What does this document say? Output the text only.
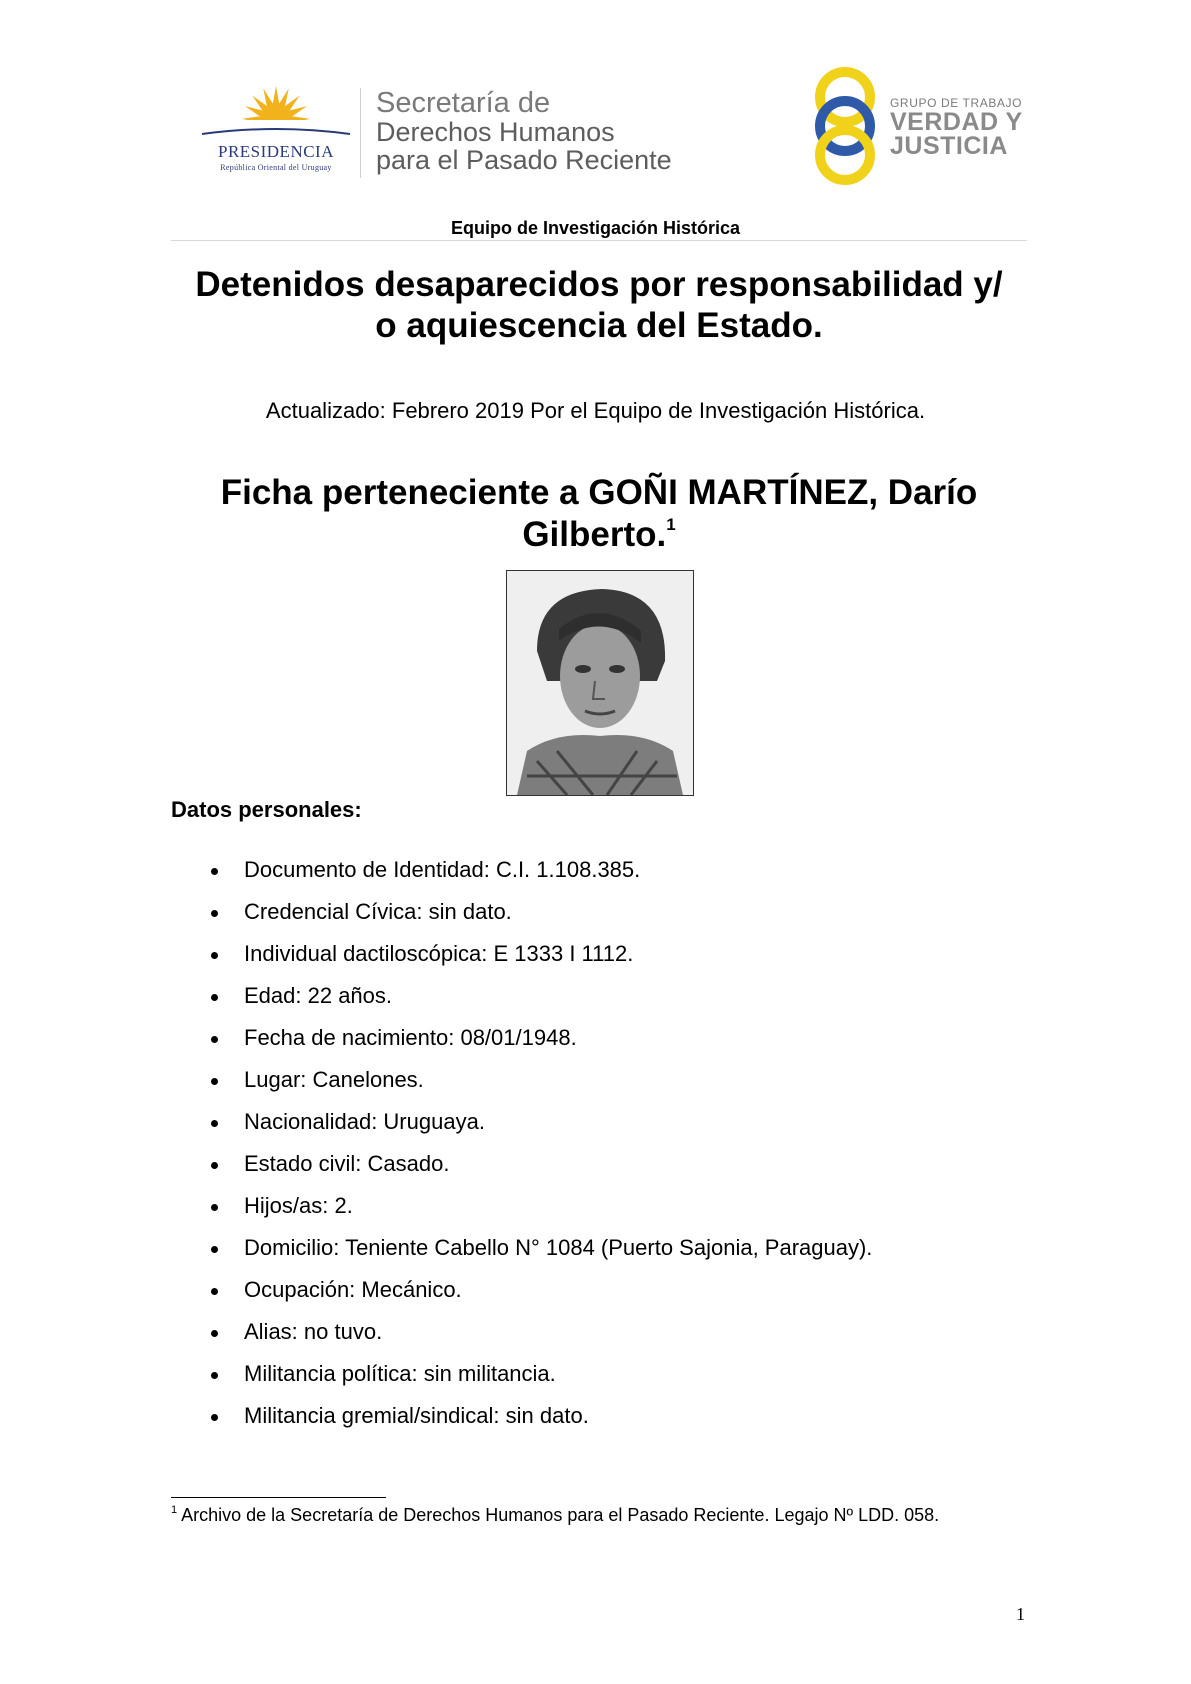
PRESIDENCIA
República Oriental del Uruguay
Secretaría de
Derechos Humanos
para el Pasado Reciente
GRUPO DE TRABAJO
VERDAD Y
JUSTICIA
Equipo de Investigación Histórica
Detenidos desaparecidos por responsabilidad y/
o aquiescencia del Estado.
Actualizado: Febrero 2019 Por el Equipo de Investigación Histórica.
Ficha perteneciente a GOÑI MARTÍNEZ, Darío
Gilberto.$^1$
Datos personales:
Documento de Identidad: C.I. 1.108.385.
Credencial Cívica: sin dato.
Individual dactiloscópica: E 1333 I 1112.
Edad: 22 años.
Fecha de nacimiento: 08/01/1948.
Lugar: Canelones.
Nacionalidad: Uruguaya.
Estado civil: Casado.
Hijos/as: 2.
Domicilio: Teniente Cabello N° 1084 (Puerto Sajonia, Paraguay).
Ocupación: Mecánico.
Alias: no tuvo.
Militancia política: sin militancia.
Militancia gremial/sindical: sin dato.
$^1$ Archivo de la Secretaría de Derechos Humanos para el Pasado Reciente. Legajo Nº LDD. 058.
1
